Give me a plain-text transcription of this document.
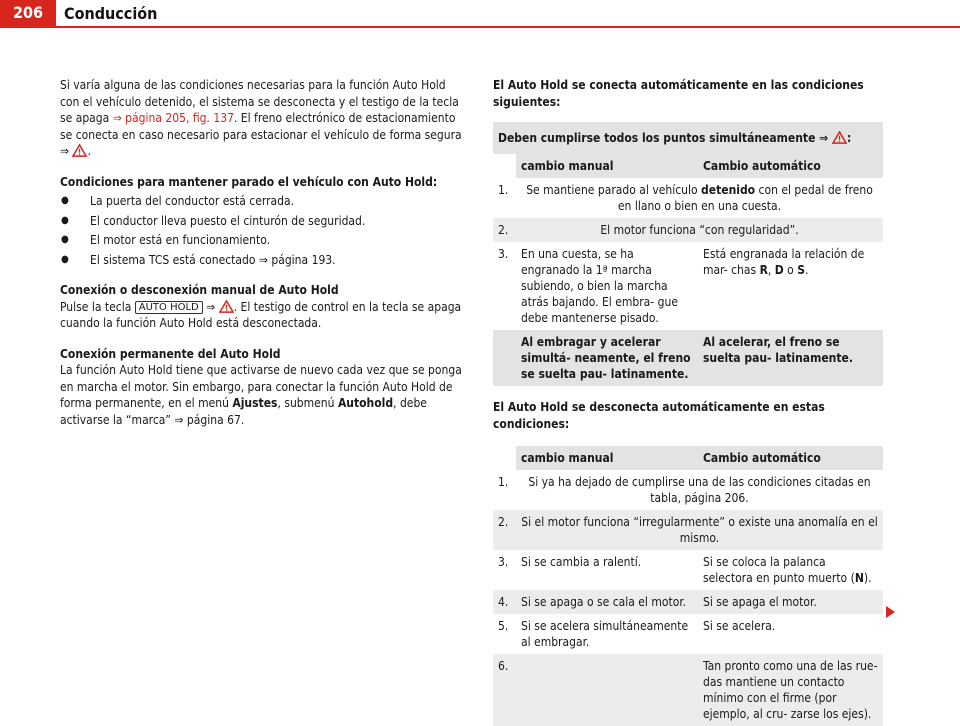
206	Conducción

Si varía alguna de las condiciones necesarias para la función Auto Hold con el vehículo detenido, el sistema se desconecta y el testigo de la tecla se apaga ⇒ página 205, fig. 137. El freno electrónico de estacionamiento se conecta en caso necesario para estacionar el vehículo de forma segura
⇒ .

Condiciones para mantener parado el vehículo con Auto Hold:

● La puerta del conductor está cerrada.
● El conductor lleva puesto el cinturón de seguridad.
● El motor está en funcionamiento.
● El sistema TCS está conectado ⇒ página 193.

Conexión o desconexión manual de Auto Hold

Pulse la tecla AUTO HOLD ⇒ . El testigo de control en la tecla se apaga cuando la función Auto Hold está desconectada.

Conexión permanente del Auto Hold

La función Auto Hold tiene que activarse de nuevo cada vez que se ponga en marcha el motor. Sin embargo, para conectar la función Auto Hold de forma permanente, en el menú Ajustes, submenú Autohold, debe activarse la “marca” ⇒ página 67.

El Auto Hold se conecta automáticamente en las condiciones siguientes:

Deben cumplirse todos los puntos simultáneamente ⇒ :		
	cambio manual	Cambio automático
1.	Se mantiene parado al vehículo detenido con el pedal de freno en llano o bien en una cuesta.	
2.	El motor funciona “con regularidad”.	
3.	En una cuesta, se ha engranado la 1ª marcha subiendo, o bien la marcha atrás bajando. El embra- gue debe mantenerse pisado.	Está engranada la relación de mar- chas R, D o S.
	Al embragar y acelerar simultá- neamente, el freno se suelta pau- latinamente.	Al acelerar, el freno se suelta pau- latinamente.

El Auto Hold se desconecta automáticamente en estas condiciones:

	cambio manual	Cambio automático
1.	Si ya ha dejado de cumplirse una de las condiciones citadas en tabla, página 206.	
2.	Si el motor funciona “irregularmente” o existe una anomalía en el mismo.	
3.	Si se cambia a ralentí.	Si se coloca la palanca selectora en punto muerto (N).
4.	Si se apaga o se cala el motor.	Si se apaga el motor.
5.	Si se acelera simultáneamente al embragar.	Si se acelera.
6.		Tan pronto como una de las rue- das mantiene un contacto mínimo con el firme (por ejemplo, al cru- zarse los ejes).
